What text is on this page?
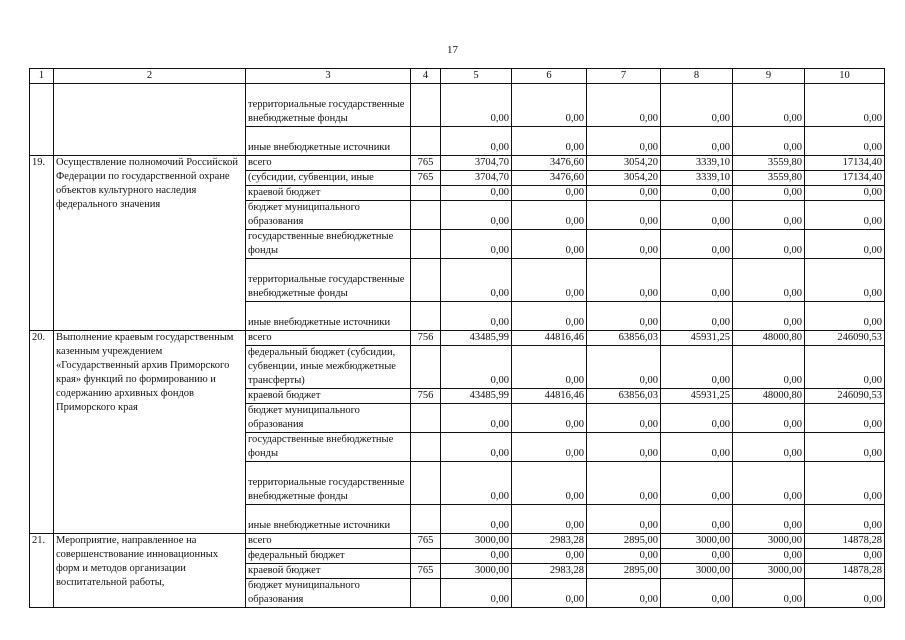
17
1	2	3	4	5	6	7	8	9	10
		территориальные государственные внебюджетные фонды		0,00	0,00	0,00	0,00	0,00	0,00
		иные внебюджетные источники		0,00	0,00	0,00	0,00	0,00	0,00
19.	Осуществление полномочий Российской Федерации по государственной охране объектов культурного наследия федерального значения	всего	765	3704,70	3476,60	3054,20	3339,10	3559,80	17134,40
		(субсидии, субвенции, иные	765	3704,70	3476,60	3054,20	3339,10	3559,80	17134,40
		краевой бюджет		0,00	0,00	0,00	0,00	0,00	0,00
		бюджет муниципального образования		0,00	0,00	0,00	0,00	0,00	0,00
		государственные внебюджетные фонды		0,00	0,00	0,00	0,00	0,00	0,00
		территориальные государственные внебюджетные фонды		0,00	0,00	0,00	0,00	0,00	0,00
		иные внебюджетные источники		0,00	0,00	0,00	0,00	0,00	0,00
20.	Выполнение краевым государственным казенным учреждением «Государственный архив Приморского края» функций по формированию и содержанию архивных фондов Приморского края	всего	756	43485,99	44816,46	63856,03	45931,25	48000,80	246090,53
		федеральный бюджет (субсидии, субвенции, иные межбюджетные трансферты)		0,00	0,00	0,00	0,00	0,00	0,00
		краевой бюджет	756	43485,99	44816,46	63856,03	45931,25	48000,80	246090,53
		бюджет муниципального образования		0,00	0,00	0,00	0,00	0,00	0,00
		государственные внебюджетные фонды		0,00	0,00	0,00	0,00	0,00	0,00
		территориальные государственные внебюджетные фонды		0,00	0,00	0,00	0,00	0,00	0,00
		иные внебюджетные источники		0,00	0,00	0,00	0,00	0,00	0,00
21.	Мероприятие, направленное на совершенствование инновационных форм и методов организации воспитательной работы,	всего	765	3000,00	2983,28	2895,00	3000,00	3000,00	14878,28
		федеральный бюджет		0,00	0,00	0,00	0,00	0,00	0,00
		краевой бюджет	765	3000,00	2983,28	2895,00	3000,00	3000,00	14878,28
		бюджет муниципального образования		0,00	0,00	0,00	0,00	0,00	0,00
